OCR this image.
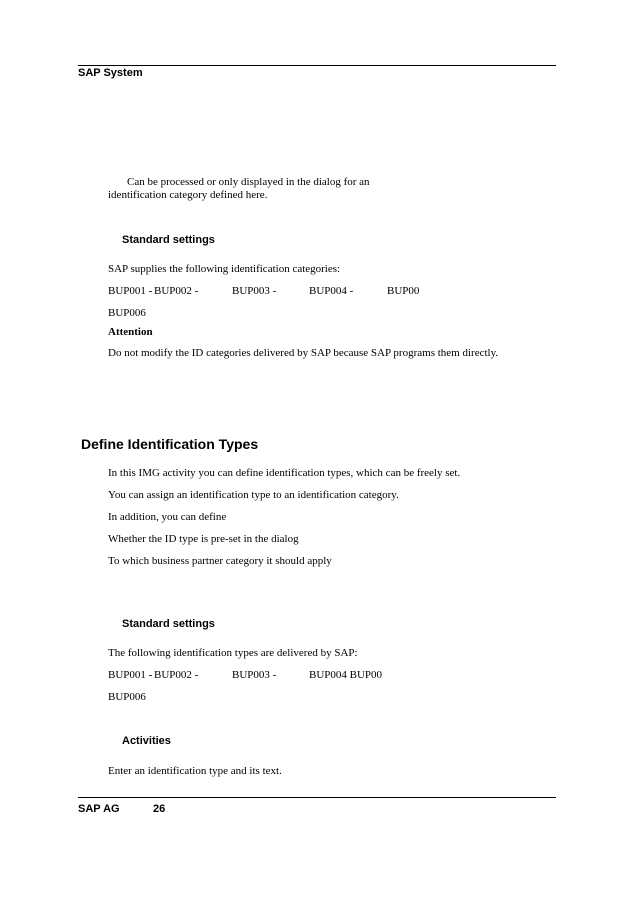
SAP System
Can be processed or only displayed in the dialog for an
identification category defined here.
Standard settings
SAP supplies the following identification categories:
BUP001 - BUP002 -	BUP003 -	BUP004 -	BUP00
BUP006
Attention
Do not modify the ID categories delivered by SAP because SAP programs them directly.
Define Identification Types
In this IMG activity you can define identification types, which can be freely set.
You can assign an identification type to an identification category.
In addition, you can define
Whether the ID type is pre-set in the dialog
To which business partner category it should apply
Standard settings
The following identification types are delivered by SAP:
BUP001 - BUP002 -	BUP003 -	BUP004 BUP00
BUP006
Activities
Enter an identification type and its text.
SAP AG	26
